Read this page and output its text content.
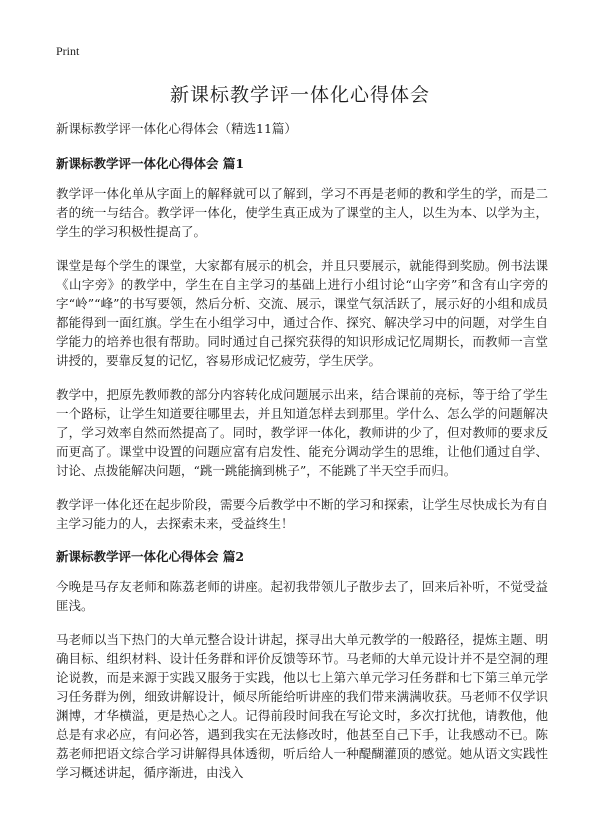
Print
新课标教学评一体化心得体会

新课标教学评一体化心得体会（精选11篇）

新课标教学评一体化心得体会 篇1

教学评一体化单从字面上的解释就可以了解到，学习不再是老师的教和学生的学，而是二者的统一与结合。教学评一体化，使学生真正成为了课堂的主人，以生为本、以学为主，学生的学习积极性提高了。

课堂是每个学生的课堂，大家都有展示的机会，并且只要展示，就能得到奖励。例书法课《山字旁》的教学中，学生在自主学习的基础上进行小组讨论“山字旁”和含有山字旁的字“岭”“峰”的书写要领，然后分析、交流、展示，课堂气氛活跃了，展示好的小组和成员都能得到一面红旗。学生在小组学习中，通过合作、探究、解决学习中的问题，对学生自学能力的培养也很有帮助。同时通过自己探究获得的知识形成记忆周期长，而教师一言堂讲授的，要靠反复的记忆，容易形成记忆疲劳，学生厌学。

教学中，把原先教师教的部分内容转化成问题展示出来，结合课前的亮标，等于给了学生一个路标，让学生知道要往哪里去，并且知道怎样去到那里。学什么、怎么学的问题解决了，学习效率自然而然提高了。同时，教学评一体化，教师讲的少了，但对教师的要求反而更高了。课堂中设置的问题应富有启发性、能充分调动学生的思维，让他们通过自学、讨论、点拨能解决问题，“跳一跳能摘到桃子”，不能跳了半天空手而归。

教学评一体化还在起步阶段，需要今后教学中不断的学习和探索，让学生尽快成长为有自主学习能力的人，去探索未来，受益终生！

新课标教学评一体化心得体会 篇2

今晚是马存友老师和陈荔老师的讲座。起初我带领儿子散步去了，回来后补听，不觉受益匪浅。

马老师以当下热门的大单元整合设计讲起，探寻出大单元教学的一般路径，提炼主题、明确目标、组织材料、设计任务群和评价反馈等环节。马老师的大单元设计并不是空洞的理论说教，而是来源于实践又服务于实践，他以七上第六单元学习任务群和七下第三单元学习任务群为例，细致讲解设计，倾尽所能给听讲座的我们带来满满收获。马老师不仅学识渊博，才华横溢，更是热心之人。记得前段时间我在写论文时，多次打扰他，请教他，他总是有求必应，有问必答，遇到我实在无法修改时，他甚至自己下手，让我感动不已。陈荔老师把语文综合学习讲解得具体透彻，听后给人一种醍醐灌顶的感觉。她从语文实践性学习概述讲起，循序渐进，由浅入
